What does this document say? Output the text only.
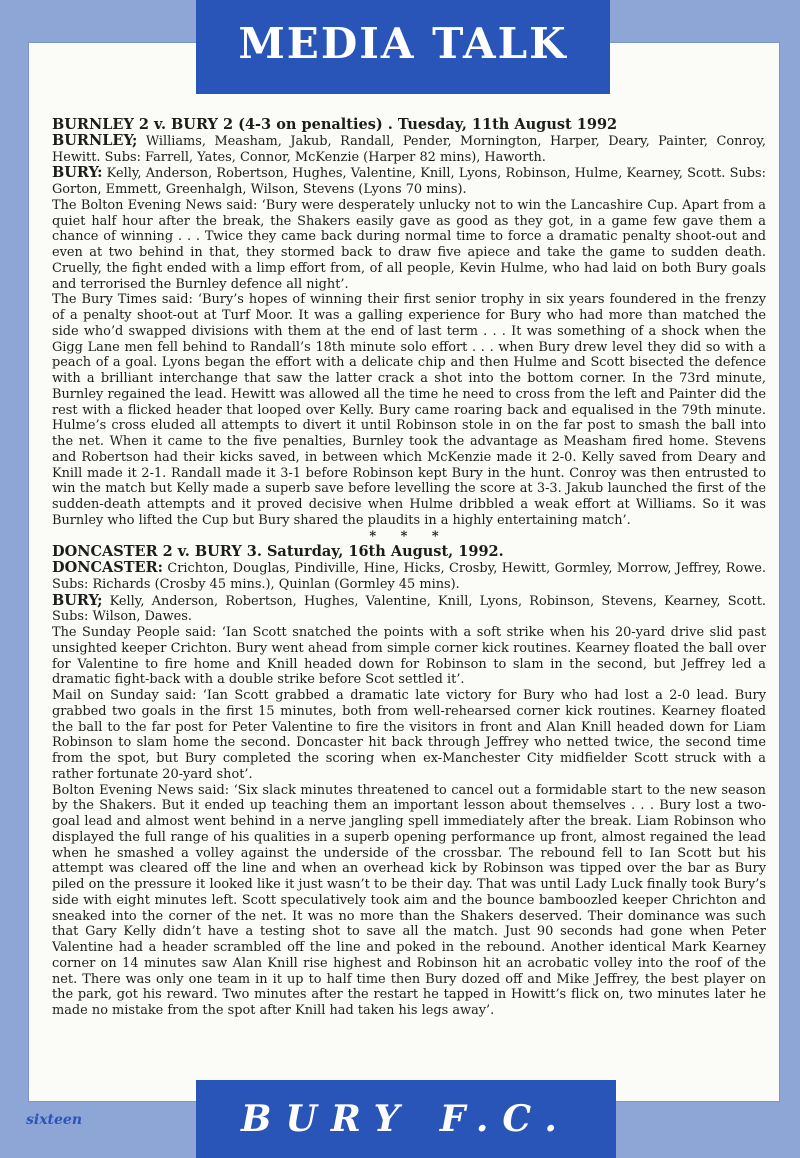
MEDIA TALK

BURNLEY 2 v. BURY 2 (4-3 on penalties) . Tuesday, 11th August 1992

BURNLEY; Williams, Measham, Jakub, Randall, Pender, Mornington, Harper, Deary, Painter, Conroy, Hewitt. Subs: Farrell, Yates, Connor, McKenzie (Harper 82 mins), Haworth.

BURY: Kelly, Anderson, Robertson, Hughes, Valentine, Knill, Lyons, Robinson, Hulme, Kearney, Scott. Subs: Gorton, Emmett, Greenhalgh, Wilson, Stevens (Lyons 70 mins).

The Bolton Evening News said: ‘Bury were desperately unlucky not to win the Lancashire Cup. Apart from a quiet half hour after the break, the Shakers easily gave as good as they got, in a game few gave them a chance of winning . . . Twice they came back during normal time to force a dramatic penalty shoot-out and even at two behind in that, they stormed back to draw five apiece and take the game to sudden death. Cruelly, the fight ended with a limp effort from, of all people, Kevin Hulme, who had laid on both Bury goals and terrorised the Burnley defence all night’.

The Bury Times said: ‘Bury’s hopes of winning their first senior trophy in six years foundered in the frenzy of a penalty shoot-out at Turf Moor. It was a galling experience for Bury who had more than matched the side who’d swapped divisions with them at the end of last term . . . It was something of a shock when the Gigg Lane men fell behind to Randall’s 18th minute solo effort . . . when Bury drew level they did so with a peach of a goal. Lyons began the effort with a delicate chip and then Hulme and Scott bisected the defence with a brilliant interchange that saw the latter crack a shot into the bottom corner. In the 73rd minute, Burnley regained the lead. Hewitt was allowed all the time he need to cross from the left and Painter did the rest with a flicked header that looped over Kelly. Bury came roaring back and equalised in the 79th minute. Hulme’s cross eluded all attempts to divert it until Robinson stole in on the far post to smash the ball into the net. When it came to the five penalties, Burnley took the advantage as Measham fired home. Stevens and Robertson had their kicks saved, in between which McKenzie made it 2-0. Kelly saved from Deary and Knill made it 2-1. Randall made it 3-1 before Robinson kept Bury in the hunt. Conroy was then entrusted to win the match but Kelly made a superb save before levelling the score at 3-3. Jakub launched the first of the sudden-death attempts and it proved decisive when Hulme dribbled a weak effort at Williams. So it was Burnley who lifted the Cup but Bury shared the plaudits in a highly entertaining match’.

* * *

DONCASTER 2 v. BURY 3. Saturday, 16th August, 1992.

DONCASTER: Crichton, Douglas, Pindiville, Hine, Hicks, Crosby, Hewitt, Gormley, Morrow, Jeffrey, Rowe. Subs: Richards (Crosby 45 mins.), Quinlan (Gormley 45 mins).

BURY; Kelly, Anderson, Robertson, Hughes, Valentine, Knill, Lyons, Robinson, Stevens, Kearney, Scott. Subs: Wilson, Dawes.

The Sunday People said: ‘Ian Scott snatched the points with a soft strike when his 20-yard drive slid past unsighted keeper Crichton. Bury went ahead from simple corner kick routines. Kearney floated the ball over for Valentine to fire home and Knill headed down for Robinson to slam in the second, but Jeffrey led a dramatic fight-back with a double strike before Scot settled it’.

Mail on Sunday said: ‘Ian Scott grabbed a dramatic late victory for Bury who had lost a 2-0 lead. Bury grabbed two goals in the first 15 minutes, both from well-rehearsed corner kick routines. Kearney floated the ball to the far post for Peter Valentine to fire the visitors in front and Alan Knill headed down for Liam Robinson to slam home the second. Doncaster hit back through Jeffrey who netted twice, the second time from the spot, but Bury completed the scoring when ex-Manchester City midfielder Scott struck with a rather fortunate 20-yard shot’.

Bolton Evening News said: ‘Six slack minutes threatened to cancel out a formidable start to the new season by the Shakers. But it ended up teaching them an important lesson about themselves . . . Bury lost a two-goal lead and almost went behind in a nerve jangling spell immediately after the break. Liam Robinson who displayed the full range of his qualities in a superb opening performance up front, almost regained the lead when he smashed a volley against the underside of the crossbar. The rebound fell to Ian Scott but his attempt was cleared off the line and when an overhead kick by Robinson was tipped over the bar as Bury piled on the pressure it looked like it just wasn’t to be their day. That was until Lady Luck finally took Bury’s side with eight minutes left. Scott speculatively took aim and the bounce bamboozled keeper Chrichton and sneaked into the corner of the net. It was no more than the Shakers deserved. Their dominance was such that Gary Kelly didn’t have a testing shot to save all the match. Just 90 seconds had gone when Peter Valentine had a header scrambled off the line and poked in the rebound. Another identical Mark Kearney corner on 14 minutes saw Alan Knill rise highest and Robinson hit an acrobatic volley into the roof of the net. There was only one team in it up to half time then Bury dozed off and Mike Jeffrey, the best player on the park, got his reward. Two minutes after the restart he tapped in Howitt’s flick on, two minutes later he made no mistake from the spot after Knill had taken his legs away’.

sixteen	BURY F.C.
